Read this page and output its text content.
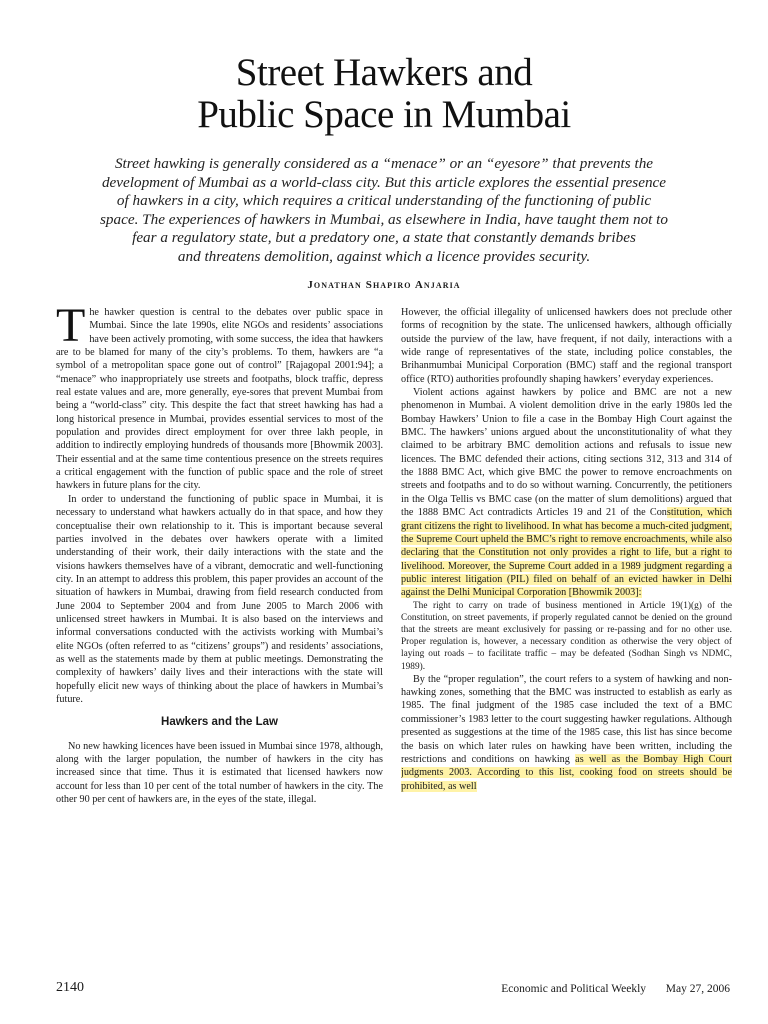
Street Hawkers and
Public Space in Mumbai
Street hawking is generally considered as a “menace” or an “eyesore” that prevents the
development of Mumbai as a world-class city. But this article explores the essential presence
of hawkers in a city, which requires a critical understanding of the functioning of public
space. The experiences of hawkers in Mumbai, as elsewhere in India, have taught them not to
fear a regulatory state, but a predatory one, a state that constantly demands bribes
and threatens demolition, against which a licence provides security.
Jonathan Shapiro Anjaria

The hawker question is central to the debates over public space in Mumbai. Since the late 1990s, elite NGOs and residents’ associations have been actively promoting, with some success, the idea that hawkers are to be blamed for many of the city’s problems. To them, hawkers are “a symbol of a metropolitan space gone out of control” [Rajagopal 2001:94]; a “menace” who inappropriately use streets and footpaths, block traffic, depress real estate values and are, more generally, eye-sores that prevent Mumbai from being a “world-class” city. This despite the fact that street hawking has had a long historical presence in Mumbai, provides essential services to most of the population and provides direct employment for over three lakh people, in addition to indirectly employing hundreds of thousands more [Bhowmik 2003]. Their essential and at the same time contentious presence on the streets requires a critical engagement with the function of public space and the role of street hawkers in future plans for the city.

In order to understand the functioning of public space in Mumbai, it is necessary to understand what hawkers actually do in that space, and how they conceptualise their own relationship to it. This is important because several parties involved in the debates over hawkers operate with a limited understanding of their work, their daily interactions with the state and the visions hawkers themselves have of a vibrant, democratic and well-functioning city. In an attempt to address this problem, this paper provides an account of the situation of hawkers in Mumbai, drawing from field research conducted from June 2004 to September 2004 and from June 2005 to March 2006 with unlicensed street hawkers in Mumbai. It is also based on the interviews and informal conversations conducted with the activists working with Mumbai’s elite NGOs (often referred to as “citizens’ groups”) and residents’ associations, as well as the statements made by them at public meetings. Demonstrating the complexity of hawkers’ daily lives and their interactions with the state will hopefully elicit new ways of thinking about the place of hawkers in Mumbai’s future.

Hawkers and the Law

No new hawking licences have been issued in Mumbai since 1978, although, along with the larger population, the number of hawkers in the city has increased since that time. Thus it is estimated that licensed hawkers now account for less than 10 per cent of the total number of hawkers in the city. The other 90 per cent of hawkers are, in the eyes of the state, illegal.

However, the official illegality of unlicensed hawkers does not preclude other forms of recognition by the state. The unlicensed hawkers, although officially outside the purview of the law, have frequent, if not daily, interactions with a wide range of representatives of the state, including police constables, the Brihanmumbai Municipal Corporation (BMC) staff and the regional transport office (RTO) authorities profoundly shaping hawkers’ everyday experiences.

Violent actions against hawkers by police and BMC are not a new phenomenon in Mumbai. A violent demolition drive in the early 1980s led the Bombay Hawkers’ Union to file a case in the Bombay High Court against the BMC. The hawkers’ unions argued about the unconstitutionality of what they claimed to be arbitrary BMC demolition actions and refusals to issue new licences. The BMC defended their actions, citing sections 312, 313 and 314 of the 1888 BMC Act, which give BMC the power to remove encroachments on streets and footpaths and to do so without warning. Concurrently, the petitioners in the Olga Tellis vs BMC case (on the matter of slum demolitions) argued that the 1888 BMC Act contradicts Articles 19 and 21 of the Constitution, which grant citizens the right to livelihood. In what has become a much-cited judgment, the Supreme Court upheld the BMC’s right to remove encroachments, while also declaring that the Constitution not only provides a right to life, but a right to livelihood. Moreover, the Supreme Court added in a 1989 judgment regarding a public interest litigation (PIL) filed on behalf of an evicted hawker in Delhi against the Delhi Municipal Corporation [Bhowmik 2003]:

The right to carry on trade of business mentioned in Article 19(1)(g) of the Constitution, on street pavements, if properly regulated cannot be denied on the ground that the streets are meant exclusively for passing or re-passing and for no other use. Proper regulation is, however, a necessary condition as otherwise the very object of laying out roads – to facilitate traffic – may be defeated (Sodhan Singh vs NDMC, 1989).

By the “proper regulation”, the court refers to a system of hawking and non-hawking zones, something that the BMC was instructed to establish as early as 1985. The final judgment of the 1985 case included the text of a BMC commissioner’s 1983 letter to the court suggesting hawker regulations. Although presented as suggestions at the time of the 1985 case, this list has since become the basis on which later rules on hawking have been written, including the restrictions and conditions on hawking as well as the Bombay High Court judgments 2003. According to this list, cooking food on streets should be prohibited, as well

2140	Economic and Political Weekly May 27, 2006
